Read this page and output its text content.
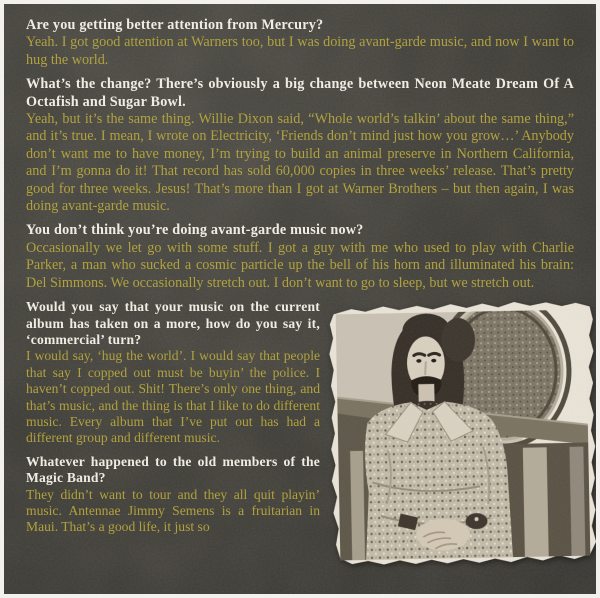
Are you getting better attention from Mercury?

Yeah. I got good attention at Warners too, but I was doing avant-garde music, and now I want to hug the world.

What’s the change? There’s obviously a big change between Neon Meate Dream Of A Octafish and Sugar Bowl.

Yeah, but it’s the same thing. Willie Dixon said, “Whole world’s talkin’ about the same thing,” and it’s true. I mean, I wrote on Electricity, ‘Friends don’t mind just how you grow…’ Anybody don’t want me to have money, I’m trying to build an animal preserve in Northern California, and I’m gonna do it! That record has sold 60,000 copies in three weeks’ release. That’s pretty good for three weeks. Jesus! That’s more than I got at Warner Brothers – but then again, I was doing avant-garde music.

You don’t think you’re doing avant-garde music now?

Occasionally we let go with some stuff. I got a guy with me who used to play with Charlie Parker, a man who sucked a cosmic particle up the bell of his horn and illuminated his brain: Del Simmons. We occasionally stretch out. I don’t want to go to sleep, but we stretch out.

Would you say that your music on the current album has taken on a more, how do you say it, ‘commercial’ turn?

I would say, ‘hug the world’. I would say that people that say I copped out must be buyin’ the police. I haven’t copped out. Shit! There’s only one thing, and that’s music, and the thing is that I like to do different music. Every album that I’ve put out has had a different group and different music.

Whatever happened to the old members of the Magic Band?

They didn’t want to tour and they all quit playin’ music. Antennae Jimmy Semens is a fruitarian in Maui. That’s a good life, it just so
